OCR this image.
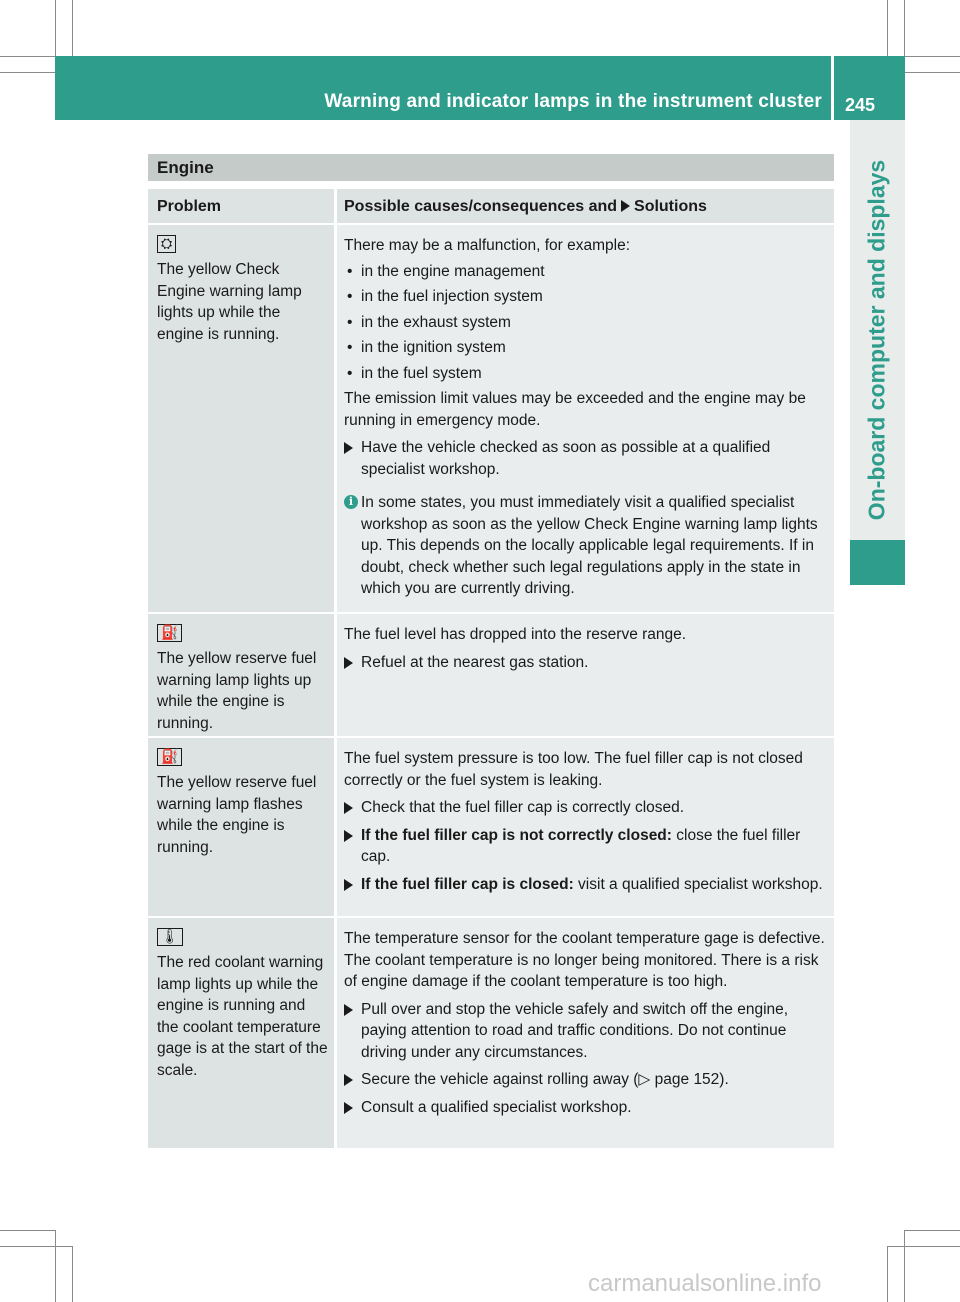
Warning and indicator lamps in the instrument cluster 245
On-board computer and displays
Engine
Problem	Possible causes/consequences and Solutions
⛭

The yellow Check Engine warning lamp lights up while the engine is running.

There may be a malfunction, for example:

• in the engine management
• in the fuel injection system
• in the exhaust system
• in the ignition system
• in the fuel system

The emission limit values may be exceeded and the engine may be running in emergency mode.

Have the vehicle checked as soon as possible at a qualified specialist workshop.
i In some states, you must immediately visit a qualified specialist workshop as soon as the yellow Check Engine warning lamp lights up. This depends on the locally applicable legal requirements. If in doubt, check whether such legal regulations apply in the state in which you are currently driving.
⛽

The yellow reserve fuel warning lamp lights up while the engine is running.

The fuel level has dropped into the reserve range.

Refuel at the nearest gas station.
⛽

The yellow reserve fuel warning lamp flashes while the engine is running.

The fuel system pressure is too low. The fuel filler cap is not closed correctly or the fuel system is leaking.

Check that the fuel filler cap is correctly closed.
If the fuel filler cap is not correctly closed: close the fuel filler cap.
If the fuel filler cap is closed: visit a qualified specialist workshop.
🌡

The red coolant warning lamp lights up while the engine is running and the coolant temperature gage is at the start of the scale.

The temperature sensor for the coolant temperature gage is defective.

The coolant temperature is no longer being monitored. There is a risk of engine damage if the coolant temperature is too high.

Pull over and stop the vehicle safely and switch off the engine, paying attention to road and traffic conditions. Do not continue driving under any circumstances.
Secure the vehicle against rolling away (▷ page 152).
Consult a qualified specialist workshop.
carmanualsonline.info
